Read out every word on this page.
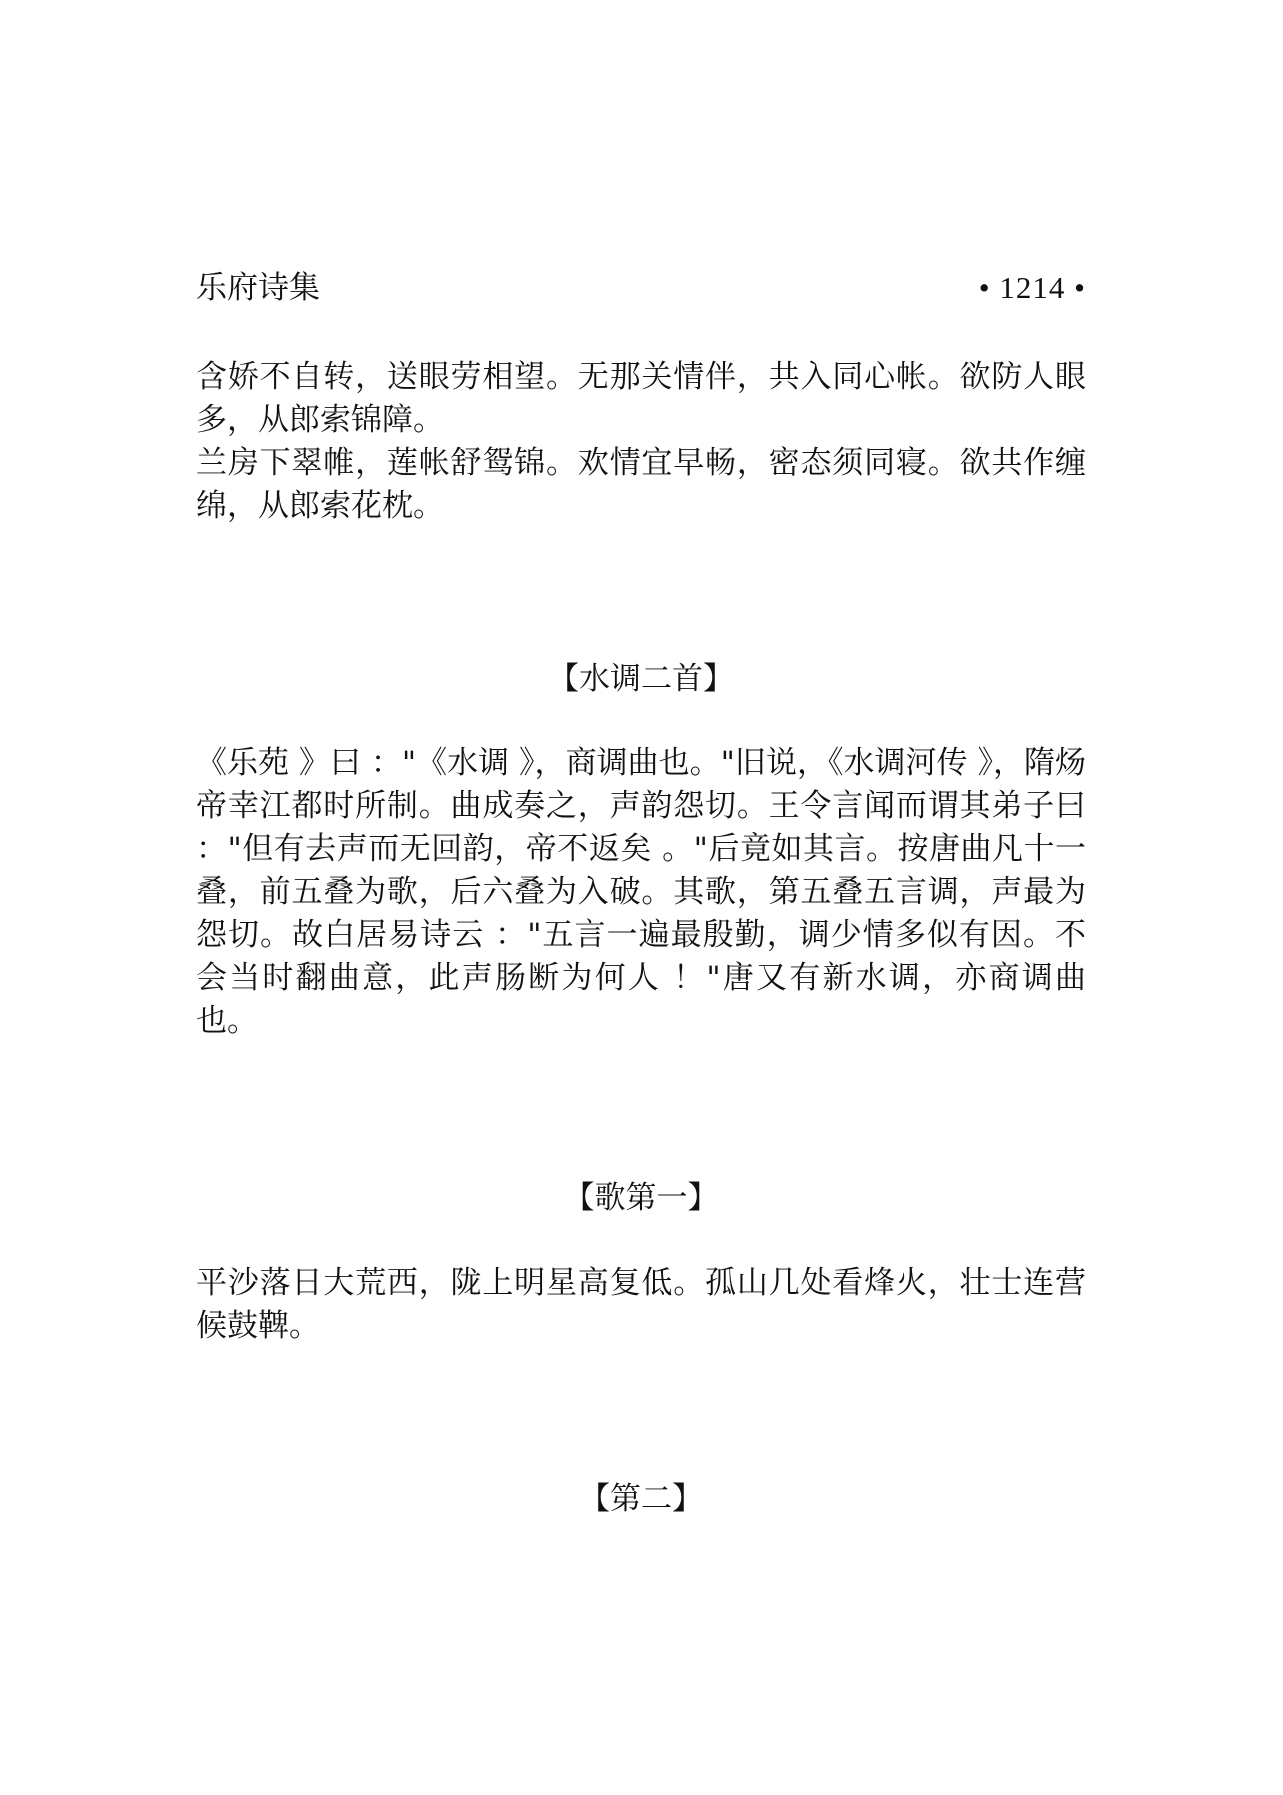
乐府诗集	• 1214 •

含娇不自转，送眼劳相望。无那关情伴，共入同心帐。欲防人眼多，从郎索锦障。

兰房下翠帷，莲帐舒鸳锦。欢情宜早畅，密态须同寝。欲共作缠绵，从郎索花枕。

【水调二首】

《乐苑 》曰 ："《水调 》，商调曲也。"旧说，《水调河传 》，隋炀帝幸江都时所制。曲成奏之，声韵怨切。王令言闻而谓其弟子曰 ："但有去声而无回韵，帝不返矣 。"后竟如其言。按唐曲凡十一叠，前五叠为歌，后六叠为入破。其歌，第五叠五言调，声最为怨切。故白居易诗云 ："五言一遍最殷勤，调少情多似有因。不会当时翻曲意，此声肠断为何人 ！"唐又有新水调，亦商调曲也。

【歌第一】

平沙落日大荒西，陇上明星高复低。孤山几处看烽火，壮士连营候鼓鞞。

【第二】
